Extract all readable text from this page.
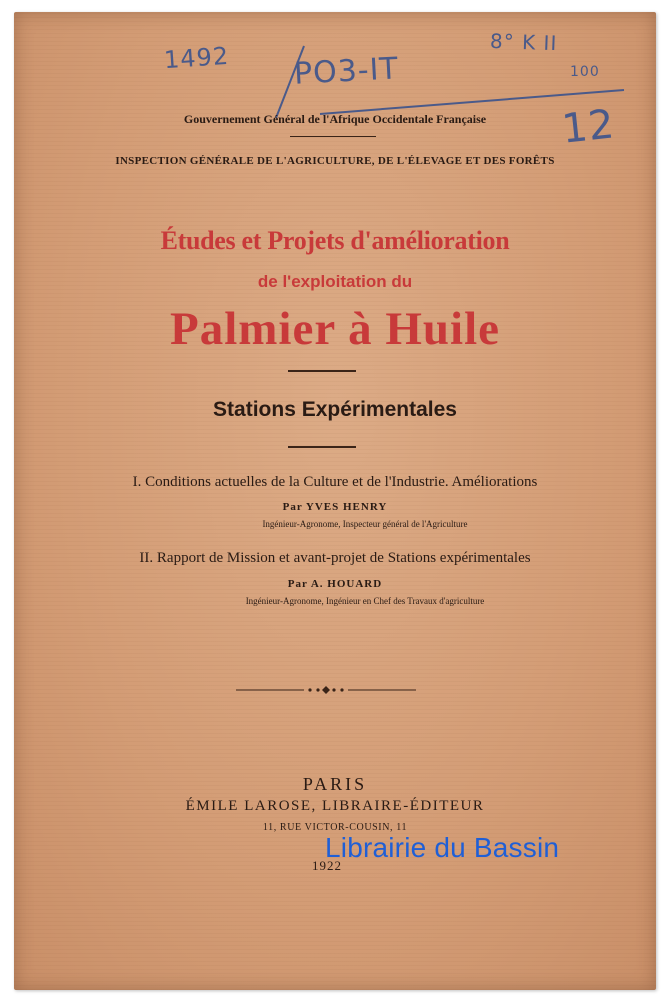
1492 PO3-IT
8° K II
100
12
Gouvernement Général de l'Afrique Occidentale Française
INSPECTION GÉNÉRALE DE L'AGRICULTURE, DE L'ÉLEVAGE ET DES FORÊTS
Études et Projets d'amélioration
de l'exploitation du
Palmier à Huile
Stations Expérimentales
I. Conditions actuelles de la Culture et de l'Industrie. Améliorations
Par YVES HENRY
Ingénieur-Agronome, Inspecteur général de l'Agriculture
II. Rapport de Mission et avant-projet de Stations expérimentales
Par A. HOUARD
Ingénieur-Agronome, Ingénieur en Chef des Travaux d'agriculture
PARIS
ÉMILE LAROSE, LIBRAIRE-ÉDITEUR
11, RUE VICTOR-COUSIN, 11
1922
Librairie du Bassin
